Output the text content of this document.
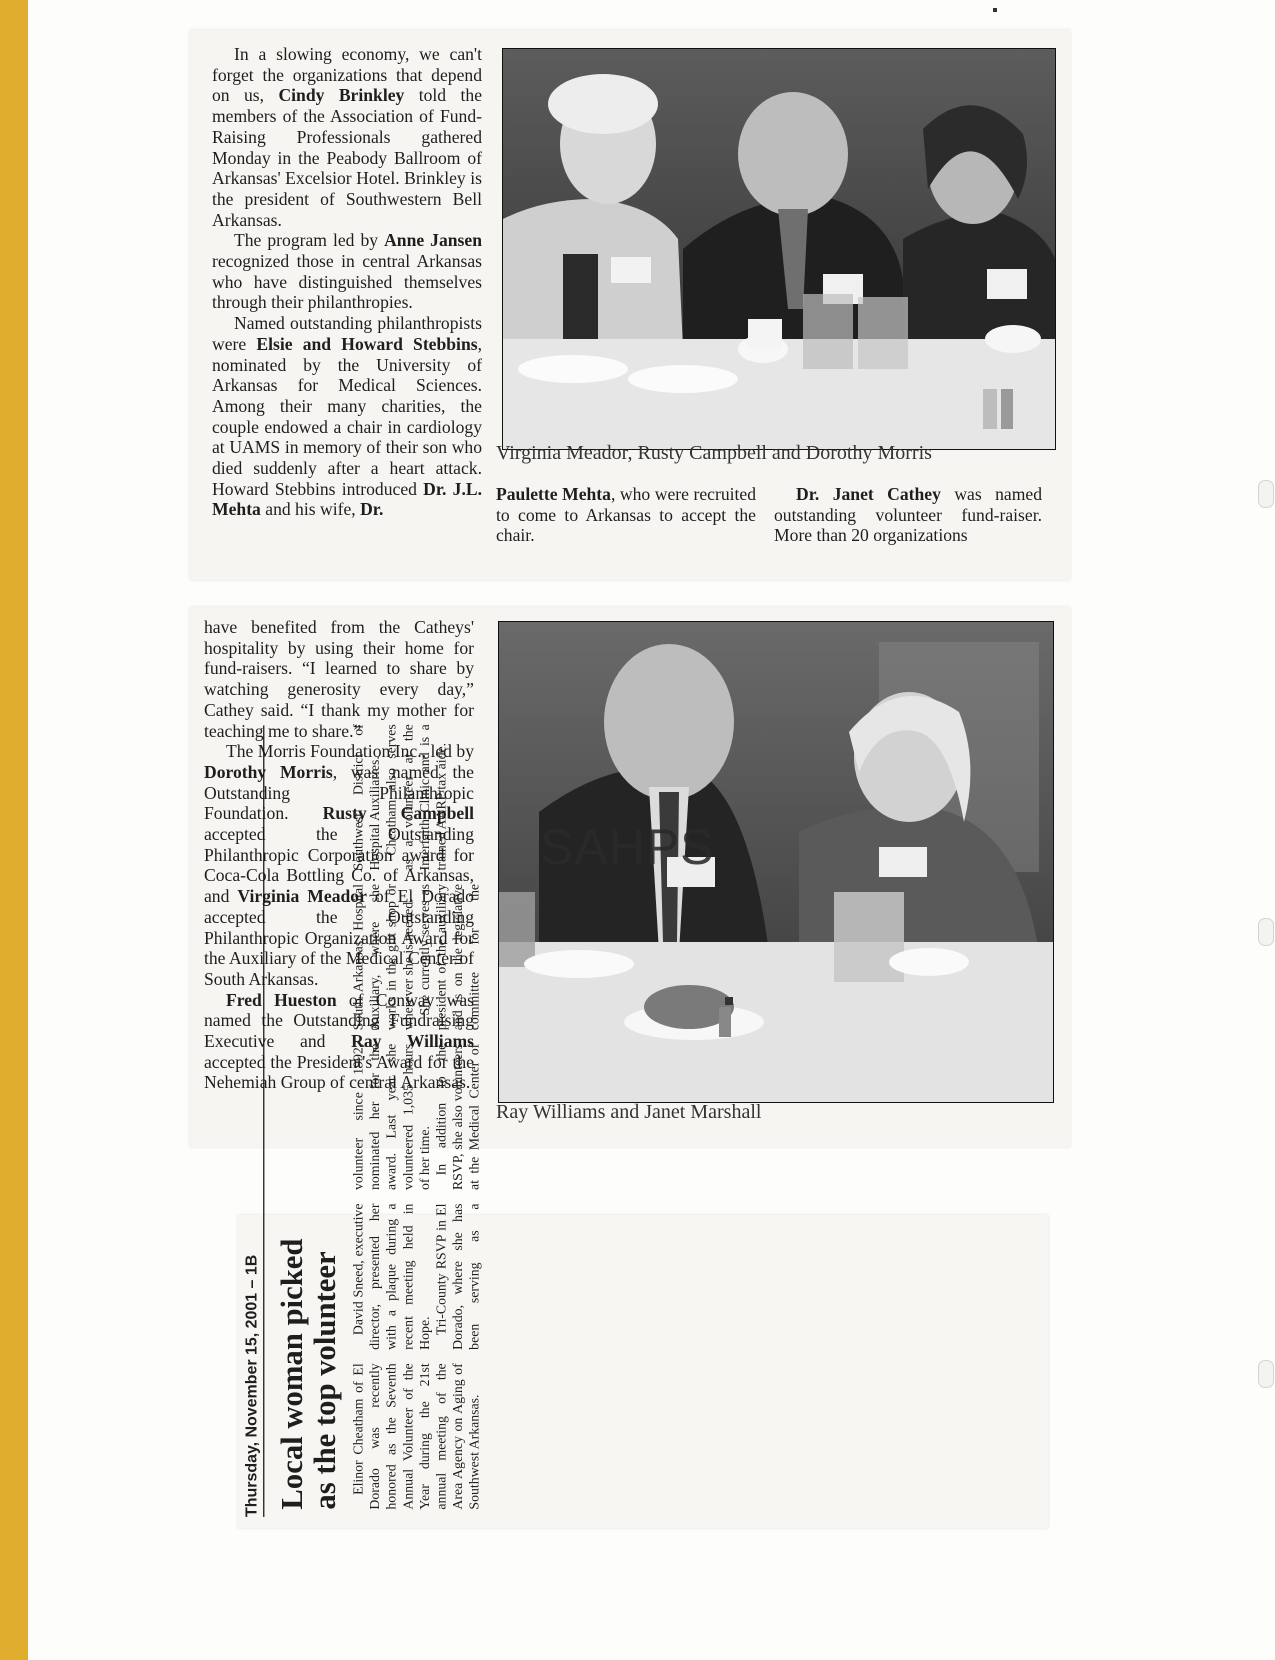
In a slowing economy, we can't forget the organizations that depend on us, Cindy Brinkley told the members of the Association of Fund-Raising Professionals gathered Monday in the Peabody Ballroom of Arkansas' Excelsior Hotel. Brinkley is the president of Southwestern Bell Arkansas.

The program led by Anne Jansen recognized those in central Arkansas who have distinguished themselves through their philanthropies.

Named outstanding philanthropists were Elsie and Howard Stebbins, nominated by the University of Arkansas for Medical Sciences. Among their many charities, the couple endowed a chair in cardiology at UAMS in memory of their son who died suddenly after a heart attack. Howard Stebbins introduced Dr. J.L. Mehta and his wife, Dr.

Virginia Meador, Rusty Campbell and Dorothy Morris

Paulette Mehta, who were recruited to come to Arkansas to accept the chair.

Dr. Janet Cathey was named outstanding volunteer fund-raiser. More than 20 organizations

have benefited from the Catheys' hospitality by using their home for fund-raisers. “I learned to share by watching generosity every day,” Cathey said. “I thank my mother for teaching me to share.”

The Morris Foundation Inc., led by Dorothy Morris, was named the Outstanding Philanthropic Foundation. Rusty Campbell accepted the Outstanding Philanthropic Corporation award for Coca-Cola Bottling Co. of Arkansas, and Virginia Meador of El Dorado accepted the Outstanding Philanthropic Organization Award for the Auxiliary of the Medical Center of South Arkansas.

Fred Hueston of Conway was named the Outstanding Fundraising Executive and Ray Williams accepted the President's Award for the Nehemiah Group of central Arkansas.

Ray Williams and Janet Marshall
SAHPS
Thursday, November 15, 2001 – 1B Local woman picked
as the top volunteer Elinor Cheatham of El Dorado was recently honored as the Seventh Annual Volunteer of the Year during the 21st annual meeting of the Area Agency on Aging of Southwest Arkansas.

David Sneed, executive director, presented her with a plaque during a recent meeting held in Hope. Tri-County RSVP in El Dorado, where she has been serving as a volunteer since 1992, nominated her for the award. Last year she volunteered 1,035 hours of her time. In addition to the RSVP, she also volunteers at the Medical Center of South Arkansas, Hospital Auxiliary, where she works in the gift shop or wherever she is needed. She currently serves as president of the auxiliary and is on the legislative committee for the Southwest District of Hospital Auxiliaries. Cheatham also serves as a volunteer at the Interfaith Clinic and is a trained AARP tax aide.
